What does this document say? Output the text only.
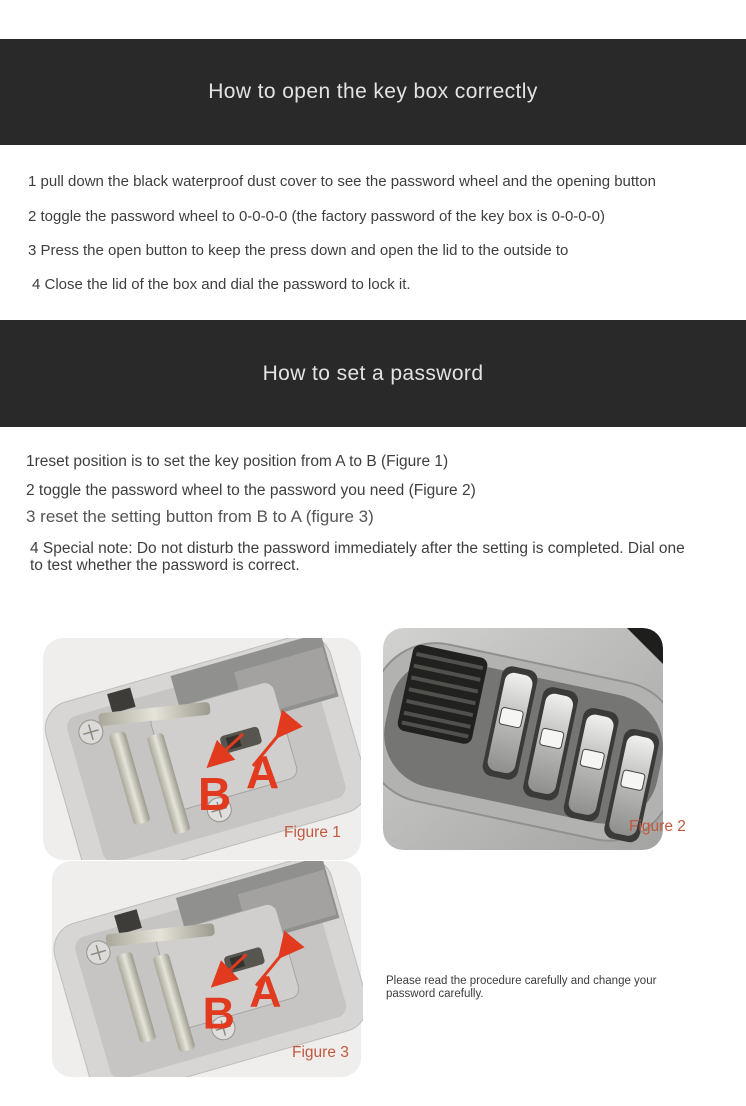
How to open the key box correctly

1 pull down the black waterproof dust cover to see the password wheel and the opening button

2 toggle the password wheel to 0-0-0-0 (the factory password of the key box is 0-0-0-0)

3 Press the open button to keep the press down and open the lid to the outside to

4 Close the lid of the box and dial the password to lock it.

How to set a password

1reset position is to set the key position from A to B (Figure 1)

2 toggle the password wheel to the password you need (Figure 2)

3 reset the setting button from B to A (figure 3)

4 Special note: Do not disturb the password immediately after the setting is completed. Dial one to test whether the password is correct.

B A

Figure 1	Figure 2

B A

Figure 3

Please read the procedure carefully and change your password carefully.
